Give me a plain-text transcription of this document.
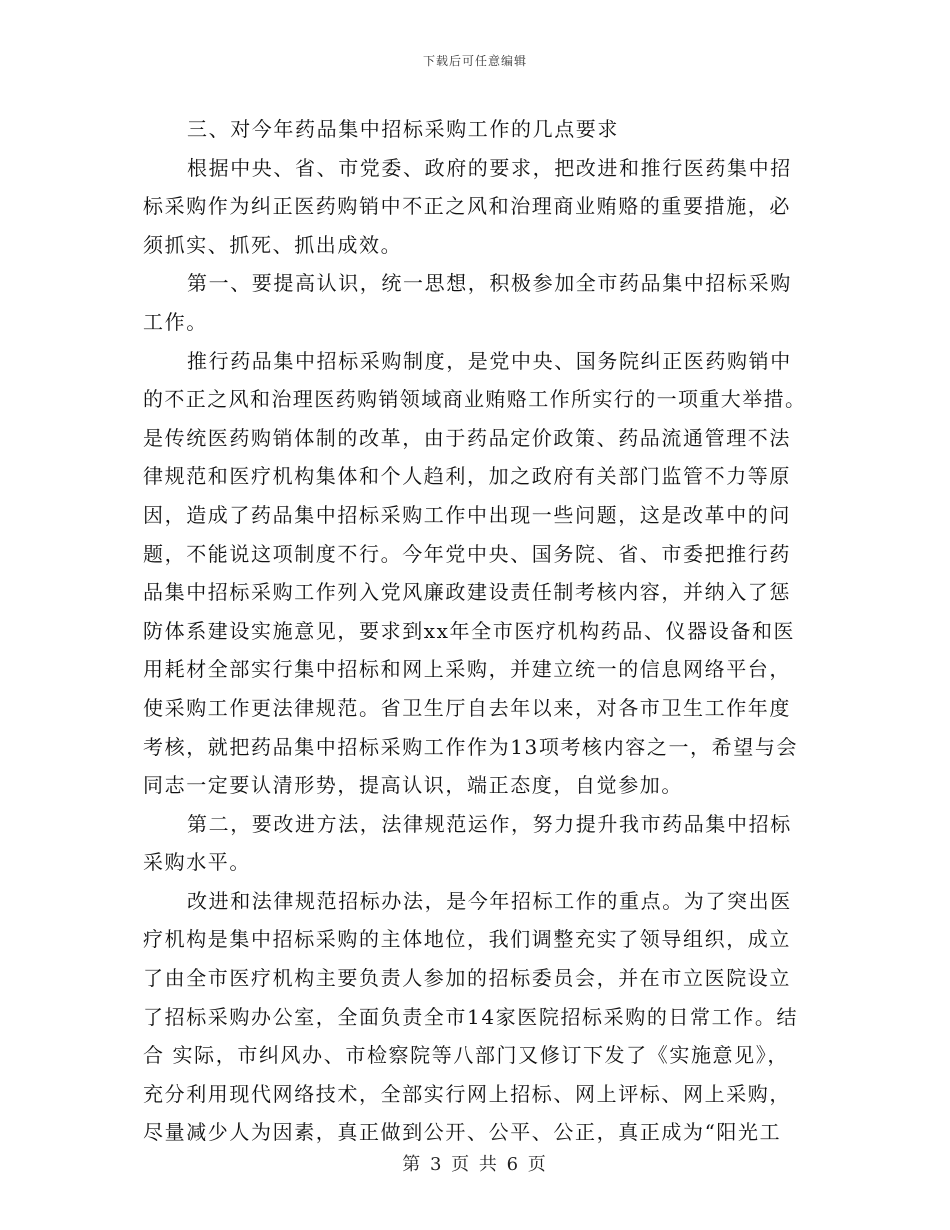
下载后可任意编辑
三、对今年药品集中招标采购工作的几点要求
根据中央、省、市党委、政府的要求，把改进和推行医药集中招
标采购作为纠正医药购销中不正之风和治理商业贿赂的重要措施，必
须抓实、抓死、抓出成效。
第一、要提高认识，统一思想，积极参加全市药品集中招标采购
工作。
推行药品集中招标采购制度，是党中央、国务院纠正医药购销中
的不正之风和治理医药购销领域商业贿赂工作所实行的一项重大举措。
是传统医药购销体制的改革，由于药品定价政策、药品流通管理不法
律规范和医疗机构集体和个人趋利，加之政府有关部门监管不力等原
因，造成了药品集中招标采购工作中出现一些问题，这是改革中的问
题，不能说这项制度不行。今年党中央、国务院、省、市委把推行药
品集中招标采购工作列入党风廉政建设责任制考核内容，并纳入了惩
防体系建设实施意见，要求到xx年全市医疗机构药品、仪器设备和医
用耗材全部实行集中招标和网上采购，并建立统一的信息网络平台，
使采购工作更法律规范。省卫生厅自去年以来，对各市卫生工作年度
考核，就把药品集中招标采购工作作为13项考核内容之一，希望与会
同志一定要认清形势，提高认识，端正态度，自觉参加。
第二，要改进方法，法律规范运作，努力提升我市药品集中招标
采购水平。
改进和法律规范招标办法，是今年招标工作的重点。为了突出医
疗机构是集中招标采购的主体地位，我们调整充实了领导组织，成立
了由全市医疗机构主要负责人参加的招标委员会，并在市立医院设立
了招标采购办公室，全面负责全市14家医院招标采购的日常工作。结
合 实际，市纠风办、市检察院等八部门又修订下发了《实施意见》，
充分利用现代网络技术，全部实行网上招标、网上评标、网上采购，
尽量减少人为因素，真正做到公开、公平、公正，真正成为“阳光工
第 3 页 共 6 页
